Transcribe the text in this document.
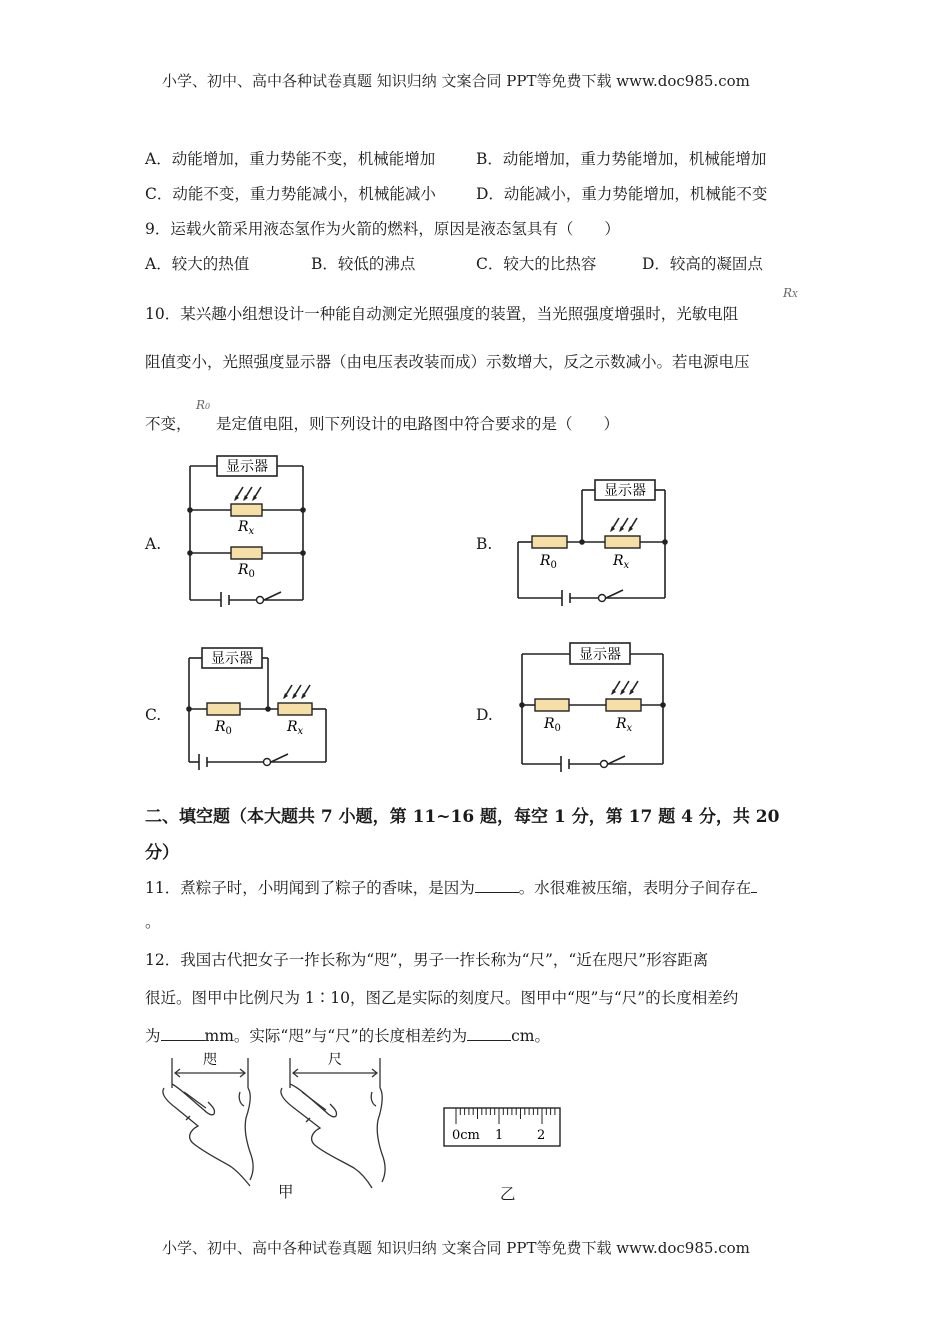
小学、初中、高中各种试卷真题 知识归纳 文案合同 PPT等免费下载 www.doc985.com
A．动能增加，重力势能不变，机械能增加	B．动能增加，重力势能增加，机械能增加
C．动能不变，重力势能减小，机械能减小	D．动能减小，重力势能增加，机械能不变
9．运载火箭采用液态氢作为火箭的燃料，原因是液态氢具有（　　）
A．较大的热值	B．较低的沸点	C．较大的比热容	D．较高的凝固点
10．某兴趣小组想设计一种能自动测定光照强度的装置，当光照强度增强时，光敏电阻
RX
阻值变小，光照强度显示器（由电压表改装而成）示数增大，反之示数减小。若电源电压
不变，
R0
是定值电阻，则下列设计的电路图中符合要求的是（　　）
A.
显示器
$R_x$
$R_0$
B.
显示器
$R_0$	$R_x$
C.
显示器
$R_0$	$R_x$
D.
显示器
$R_0$	$R_x$
二、填空题（本大题共 7 小题，第 11~16 题，每空 1 分，第 17 题 4 分，共 20
分）
11．煮粽子时，小明闻到了粽子的香味，是因为	。水很难被压缩，表明分子间存在
。
12．我国古代把女子一拃长称为“咫”，男子一拃长称为“尺”，“近在咫尺”形容距离
很近。图甲中比例尺为 1∶10，图乙是实际的刻度尺。图甲中“咫”与“尺”的长度相差约
为	mm。实际“咫”与“尺”的长度相差约为	cm。
咫	尺
甲
0cm 1	2
乙
小学、初中、高中各种试卷真题 知识归纳 文案合同 PPT等免费下载 www.doc985.com
